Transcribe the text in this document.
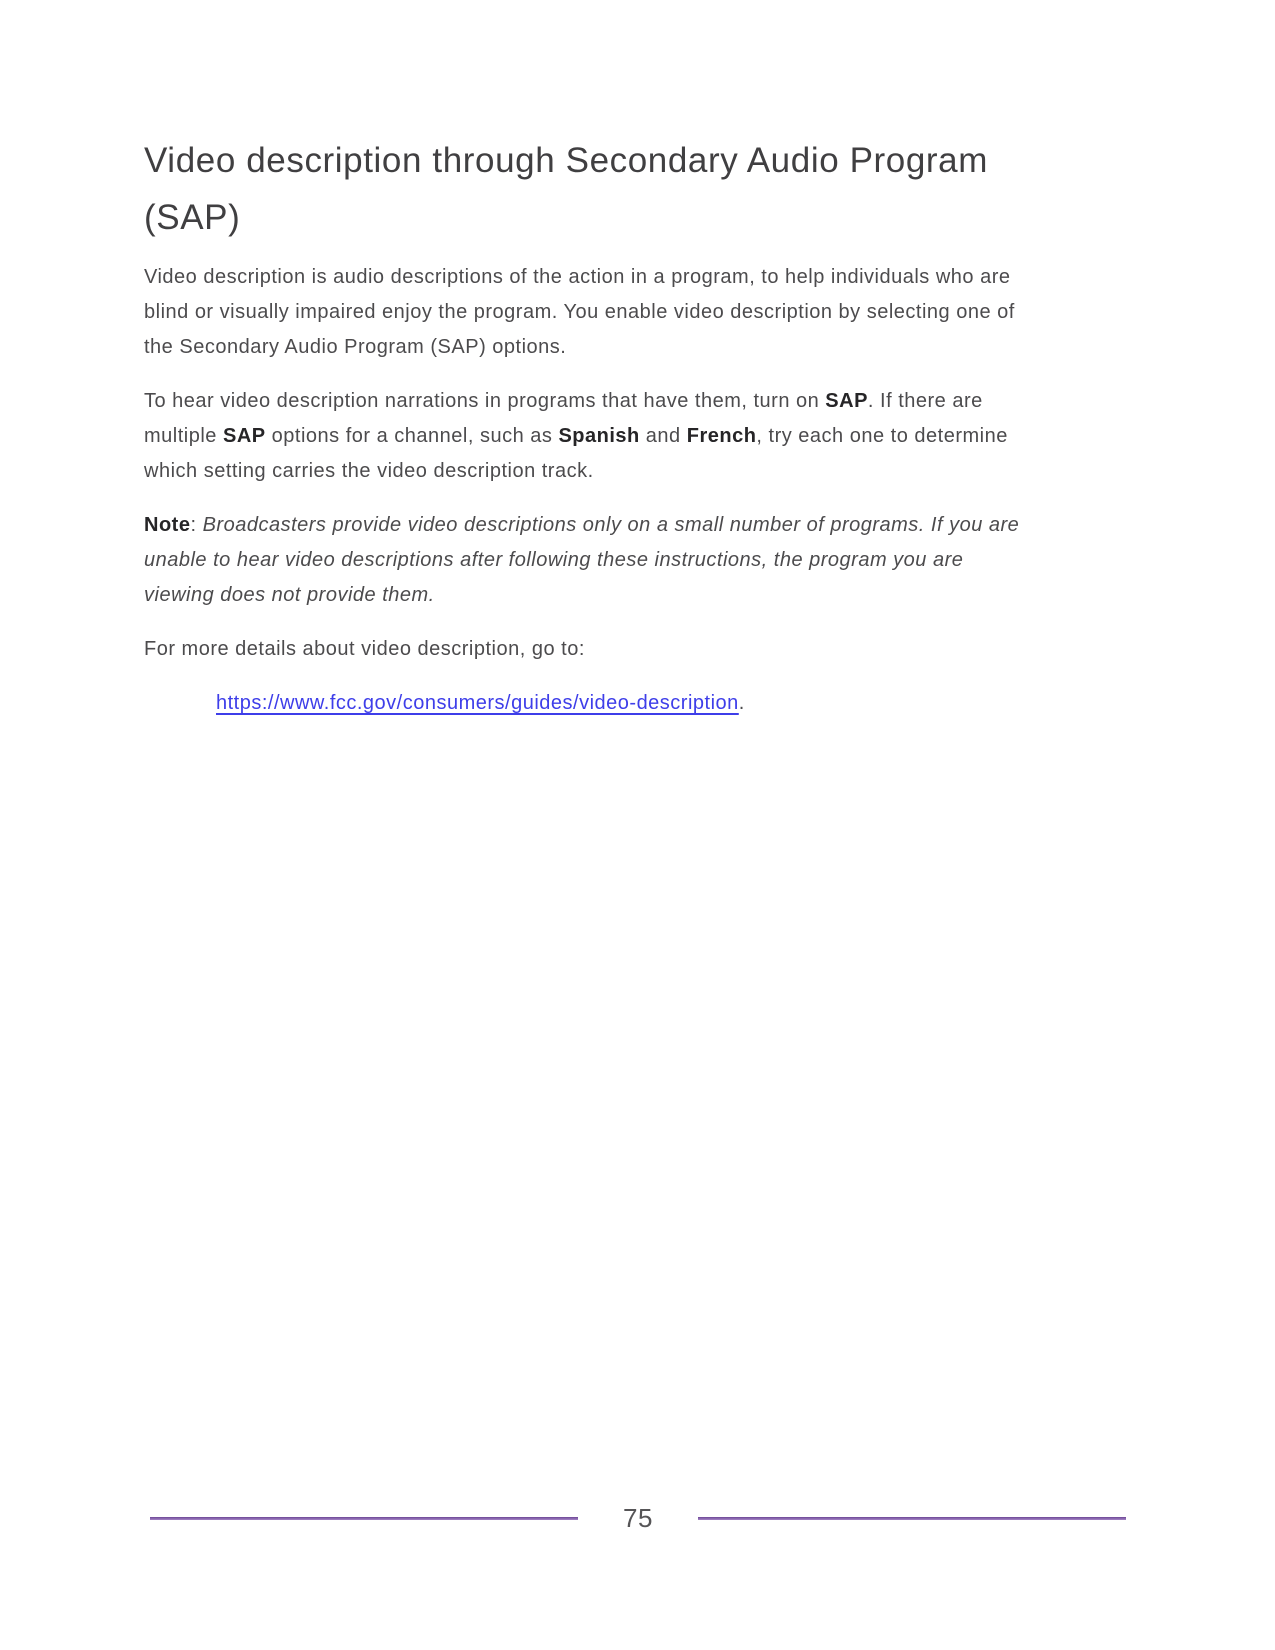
Video description through Secondary Audio Program (SAP)

Video description is audio descriptions of the action in a program, to help individuals who are blind or visually impaired enjoy the program. You enable video description by selecting one of the Secondary Audio Program (SAP) options.

To hear video description narrations in programs that have them, turn on SAP. If there are multiple SAP options for a channel, such as Spanish and French, try each one to determine which setting carries the video description track.

Note: Broadcasters provide video descriptions only on a small number of programs. If you are unable to hear video descriptions after following these instructions, the program you are viewing does not provide them.

For more details about video description, go to:

https://www.fcc.gov/consumers/guides/video-description.

75
